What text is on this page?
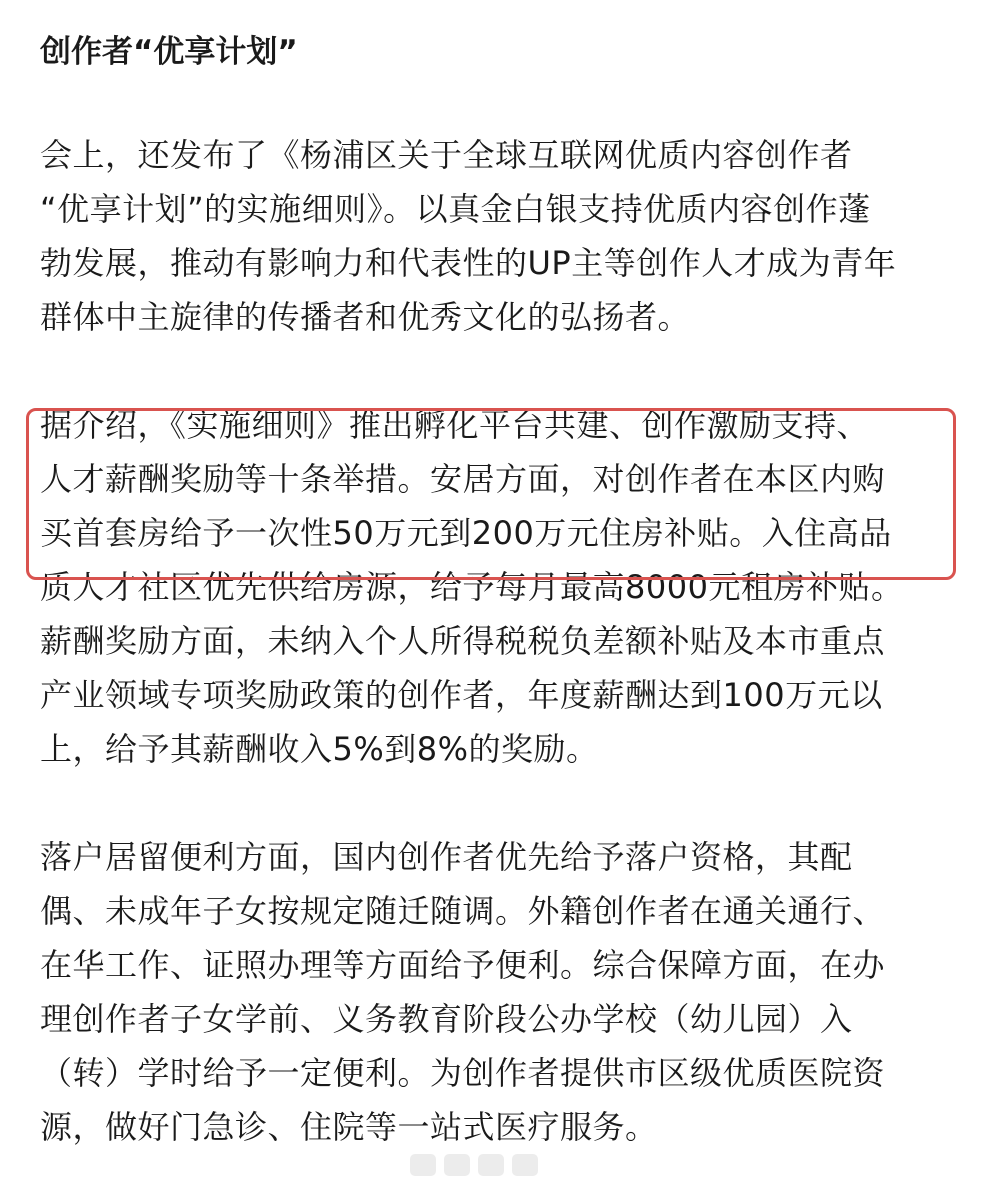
创作者“优享计划”

会上，还发布了《杨浦区关于全球互联网优质内容创作者
“优享计划”的实施细则》。以真金白银支持优质内容创作蓬
勃发展，推动有影响力和代表性的UP主等创作人才成为青年
群体中主旋律的传播者和优秀文化的弘扬者。

据介绍，《实施细则》推出孵化平台共建、创作激励支持、
人才薪酬奖励等十条举措。安居方面，对创作者在本区内购
买首套房给予一次性50万元到200万元住房补贴。入住高品
质人才社区优先供给房源，给予每月最高8000元租房补贴。
薪酬奖励方面，未纳入个人所得税税负差额补贴及本市重点
产业领域专项奖励政策的创作者，年度薪酬达到100万元以
上，给予其薪酬收入5%到8%的奖励。

落户居留便利方面，国内创作者优先给予落户资格，其配
偶、未成年子女按规定随迁随调。外籍创作者在通关通行、
在华工作、证照办理等方面给予便利。综合保障方面，在办
理创作者子女学前、义务教育阶段公办学校（幼儿园）入
（转）学时给予一定便利。为创作者提供市区级优质医院资
源，做好门急诊、住院等一站式医疗服务。
